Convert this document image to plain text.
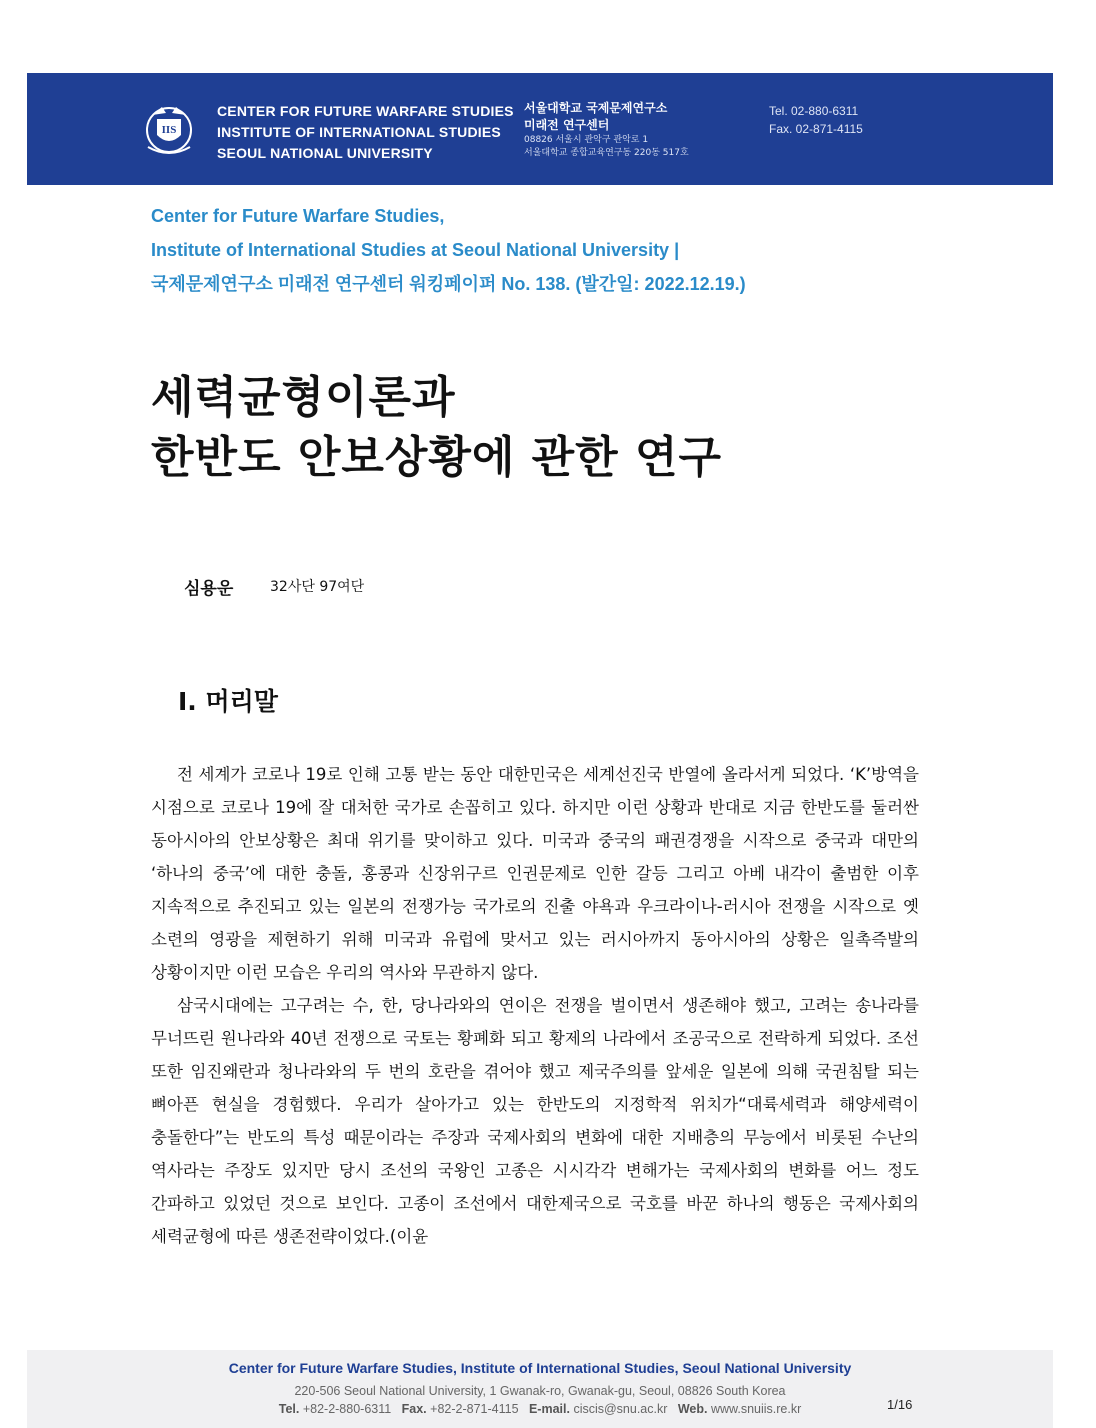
IIS
CENTER FOR FUTURE WARFARE STUDIES
INSTITUTE OF INTERNATIONAL STUDIES
SEOUL NATIONAL UNIVERSITY
서울대학교 국제문제연구소
미래전 연구센터
08826 서울시 관악구 관악로 1
서울대학교 종합교육연구동 220동 517호
Tel. 02-880-6311
Fax. 02-871-4115
Center for Future Warfare Studies,
Institute of International Studies at Seoul National University |
국제문제연구소 미래전 연구센터 워킹페이퍼 No. 138. (발간일: 2022.12.19.)
세력균형이론과
한반도 안보상황에 관한 연구
심용운	32사단 97여단
Ⅰ. 머리말

전 세계가 코로나 19로 인해 고통 받는 동안 대한민국은 세계선진국 반열에 올라서게 되었다. ‘K’방역을 시점으로 코로나 19에 잘 대처한 국가로 손꼽히고 있다. 하지만 이런 상황과 반대로 지금 한반도를 둘러싼 동아시아의 안보상황은 최대 위기를 맞이하고 있다. 미국과 중국의 패권경쟁을 시작으로 중국과 대만의 ‘하나의 중국’에 대한 충돌, 홍콩과 신장위구르 인권문제로 인한 갈등 그리고 아베 내각이 출범한 이후 지속적으로 추진되고 있는 일본의 전쟁가능 국가로의 진출 야욕과 우크라이나-러시아 전쟁을 시작으로 옛 소련의 영광을 제현하기 위해 미국과 유럽에 맞서고 있는 러시아까지 동아시아의 상황은 일촉즉발의 상황이지만 이런 모습은 우리의 역사와 무관하지 않다.

삼국시대에는 고구려는 수, 한, 당나라와의 연이은 전쟁을 벌이면서 생존해야 했고, 고려는 송나라를 무너뜨린 원나라와 40년 전쟁으로 국토는 황폐화 되고 황제의 나라에서 조공국으로 전락하게 되었다. 조선 또한 임진왜란과 청나라와의 두 번의 호란을 겪어야 했고 제국주의를 앞세운 일본에 의해 국권침탈 되는 뼈아픈 현실을 경험했다. 우리가 살아가고 있는 한반도의 지정학적 위치가“대륙세력과 해양세력이 충돌한다”는 반도의 특성 때문이라는 주장과 국제사회의 변화에 대한 지배층의 무능에서 비롯된 수난의 역사라는 주장도 있지만 당시 조선의 국왕인 고종은 시시각각 변해가는 국제사회의 변화를 어느 정도 간파하고 있었던 것으로 보인다. 고종이 조선에서 대한제국으로 국호를 바꾼 하나의 행동은 국제사회의 세력균형에 따른 생존전략이었다.(이윤

Center for Future Warfare Studies, Institute of International Studies, Seoul National University
220-506 Seoul National University, 1 Gwanak-ro, Gwanak-gu, Seoul, 08826 South Korea
Tel. +82-2-880-6311 Fax. +82-2-871-4115 E-mail. ciscis@snu.ac.kr Web. www.snuiis.re.kr	1/16
